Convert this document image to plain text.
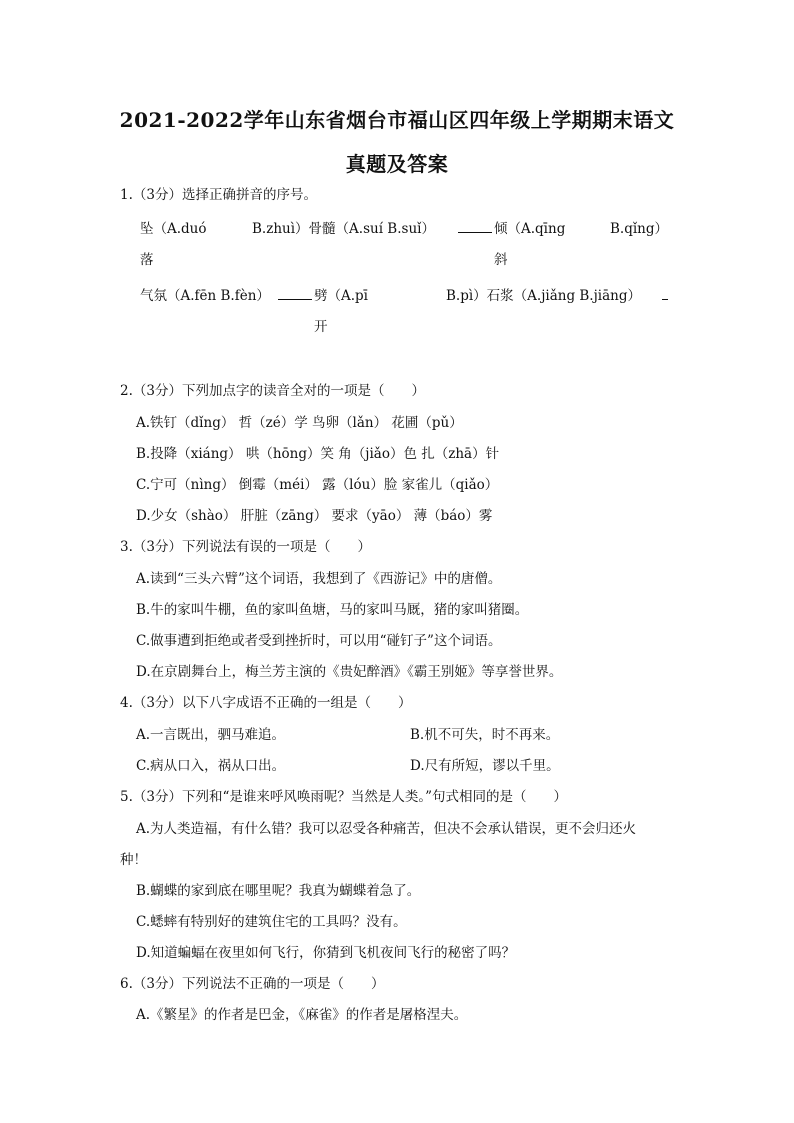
2021-2022学年山东省烟台市福山区四年级上学期期末语文
真题及答案
1.（3分）选择正确拼音的序号。
坠（A.duó	B.zhuì）骨髓（A.suí B.suǐ）	倾（A.qīng	B.qǐng）
落	斜
气氛（A.fēn B.fèn）	劈（A.pī	B.pì）石浆（A.jiǎng B.jiāng）
开
2.（3分）下列加点字的读音全对的一项是（　　）
A.铁钉（dǐng） 哲（zé）学 鸟卵（lǎn） 花圃（pǔ）
B.投降（xiáng） 哄（hōng）笑 角（jiǎo）色 扎（zhā）针
C.宁可（nìng） 倒霉（méi） 露（lóu）脸 家雀儿（qiǎo）
D.少女（shào） 肝脏（zāng） 要求（yāo） 薄（báo）雾
3.（3分）下列说法有误的一项是（　　）
A.读到“三头六臂”这个词语，我想到了《西游记》中的唐僧。
B.牛的家叫牛棚，鱼的家叫鱼塘，马的家叫马厩，猪的家叫猪圈。
C.做事遭到拒绝或者受到挫折时，可以用“碰钉子”这个词语。
D.在京剧舞台上，梅兰芳主演的《贵妃醉酒》《霸王别姬》等享誉世界。
4.（3分）以下八字成语不正确的一组是（　　）
A.一言既出，驷马难追。	B.机不可失，时不再来。
C.病从口入，祸从口出。	D.尺有所短，谬以千里。
5.（3分）下列和“是谁来呼风唤雨呢？当然是人类。”句式相同的是（　　）
A.为人类造福，有什么错？我可以忍受各种痛苦，但决不会承认错误，更不会归还火
种！
B.蝴蝶的家到底在哪里呢？我真为蝴蝶着急了。
C.蟋蟀有特别好的建筑住宅的工具吗？没有。
D.知道蝙蝠在夜里如何飞行，你猜到飞机夜间飞行的秘密了吗？
6.（3分）下列说法不正确的一项是（　　）
A.《繁星》的作者是巴金，《麻雀》的作者是屠格涅夫。
